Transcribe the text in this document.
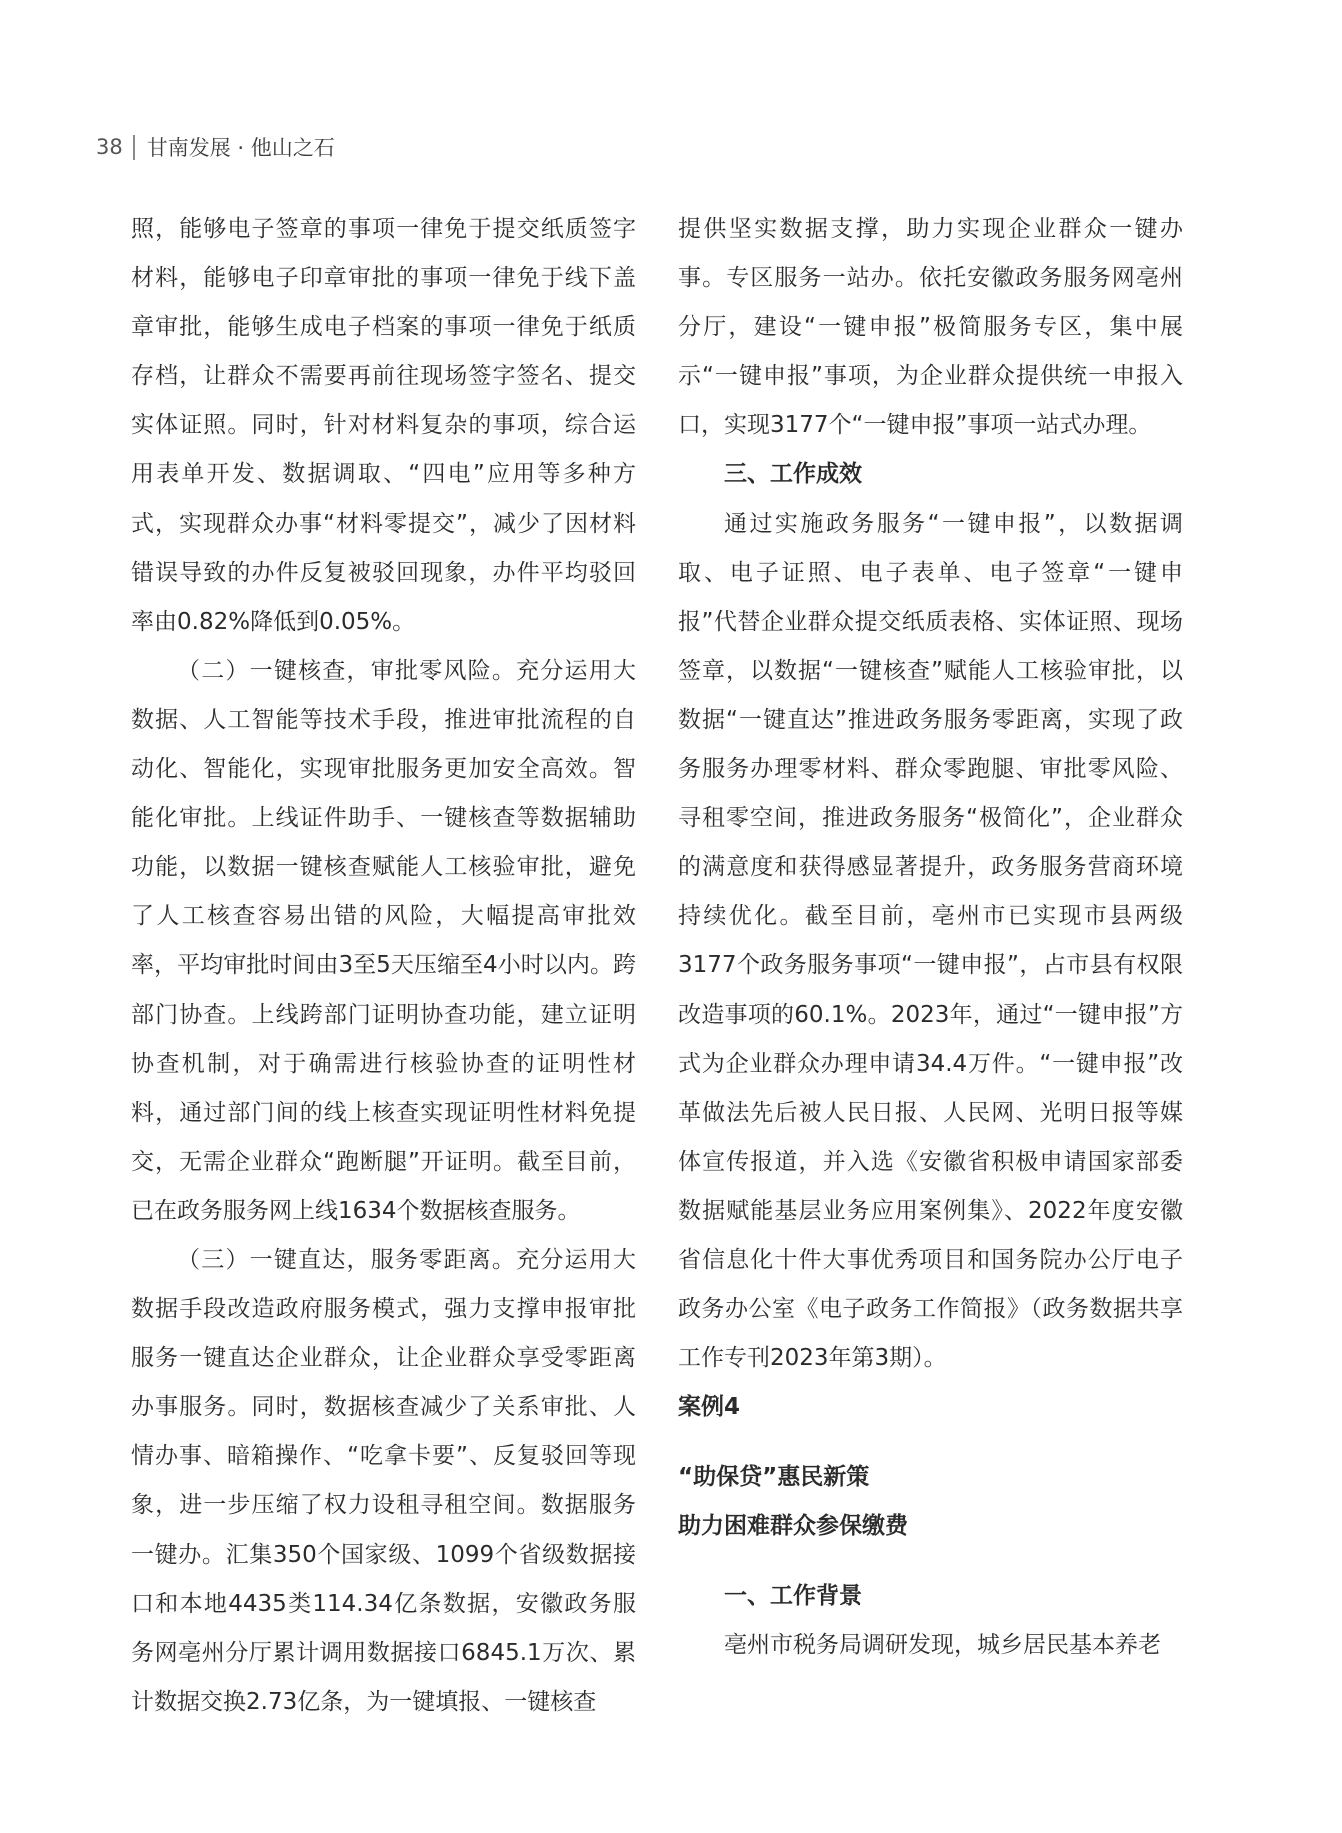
38 甘南发展 · 他山之石

照，能够电子签章的事项一律免于提交纸质签字材料，能够电子印章审批的事项一律免于线下盖章审批，能够生成电子档案的事项一律免于纸质存档，让群众不需要再前往现场签字签名、提交实体证照。同时，针对材料复杂的事项，综合运用表单开发、数据调取、“四电”应用等多种方式，实现群众办事“材料零提交”，减少了因材料错误导致的办件反复被驳回现象，办件平均驳回率由0.82%降低到0.05%。

（二）一键核查，审批零风险。充分运用大数据、人工智能等技术手段，推进审批流程的自动化、智能化，实现审批服务更加安全高效。智能化审批。上线证件助手、一键核查等数据辅助功能，以数据一键核查赋能人工核验审批，避免了人工核查容易出错的风险，大幅提高审批效率，平均审批时间由3至5天压缩至4小时以内。跨部门协查。上线跨部门证明协查功能，建立证明协查机制，对于确需进行核验协查的证明性材料，通过部门间的线上核查实现证明性材料免提交，无需企业群众“跑断腿”开证明。截至目前，已在政务服务网上线1634个数据核查服务。

（三）一键直达，服务零距离。充分运用大数据手段改造政府服务模式，强力支撑申报审批服务一键直达企业群众，让企业群众享受零距离办事服务。同时，数据核查减少了关系审批、人情办事、暗箱操作、“吃拿卡要”、反复驳回等现象，进一步压缩了权力设租寻租空间。数据服务一键办。汇集350个国家级、1099个省级数据接口和本地4435类114.34亿条数据，安徽政务服务网亳州分厅累计调用数据接口6845.1万次、累计数据交换2.73亿条，为一键填报、一键核查

提供坚实数据支撑，助力实现企业群众一键办事。专区服务一站办。依托安徽政务服务网亳州分厅，建设“一键申报”极简服务专区，集中展示“一键申报”事项，为企业群众提供统一申报入口，实现3177个“一键申报”事项一站式办理。

三、工作成效

通过实施政务服务“一键申报”，以数据调取、电子证照、电子表单、电子签章“一键申报”代替企业群众提交纸质表格、实体证照、现场签章，以数据“一键核查”赋能人工核验审批，以数据“一键直达”推进政务服务零距离，实现了政务服务办理零材料、群众零跑腿、审批零风险、寻租零空间，推进政务服务“极简化”，企业群众的满意度和获得感显著提升，政务服务营商环境持续优化。截至目前，亳州市已实现市县两级3177个政务服务事项“一键申报”，占市县有权限改造事项的60.1%。2023年，通过“一键申报”方式为企业群众办理申请34.4万件。“一键申报”改革做法先后被人民日报、人民网、光明日报等媒体宣传报道，并入选《安徽省积极申请国家部委数据赋能基层业务应用案例集》、2022年度安徽省信息化十件大事优秀项目和国务院办公厅电子政务办公室《电子政务工作简报》（政务数据共享工作专刊2023年第3期）。

案例4

“助保贷”惠民新策

助力困难群众参保缴费

一、工作背景

亳州市税务局调研发现，城乡居民基本养老
